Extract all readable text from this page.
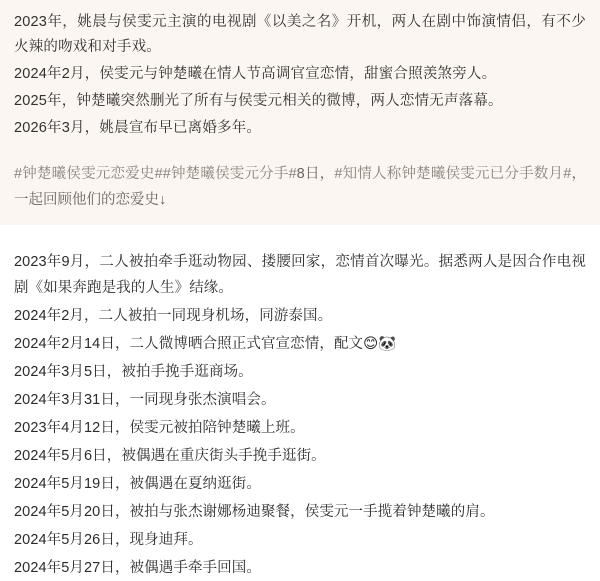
2023年，姚晨与侯雯元主演的电视剧《以美之名》开机，两人在剧中饰演情侣，有不少火辣的吻戏和对手戏。

2024年2月，侯雯元与钟楚曦在情人节高调官宣恋情，甜蜜合照羡煞旁人。

2025年，钟楚曦突然删光了所有与侯雯元相关的微博，两人恋情无声落幕。

2026年3月，姚晨宣布早已离婚多年。

#钟楚曦侯雯元恋爱史##钟楚曦侯雯元分手#8日，#知情人称钟楚曦侯雯元已分手数月#，一起回顾他们的恋爱史↓

2023年9月，二人被拍牵手逛动物园、搂腰回家，恋情首次曝光。据悉两人是因合作电视剧《如果奔跑是我的人生》结缘。

2024年2月，二人被拍一同现身机场，同游泰国。

2024年2月14日，二人微博晒合照正式官宣恋情，配文😊🐼

2024年3月5日，被拍手挽手逛商场。

2024年3月31日，一同现身张杰演唱会。

2023年4月12日，侯雯元被拍陪钟楚曦上班。

2024年5月6日，被偶遇在重庆街头手挽手逛街。

2024年5月19日，被偶遇在夏纳逛街。

2024年5月20日，被拍与张杰谢娜杨迪聚餐，侯雯元一手揽着钟楚曦的肩。

2024年5月26日，现身迪拜。

2024年5月27日，被偶遇手牵手回国。
